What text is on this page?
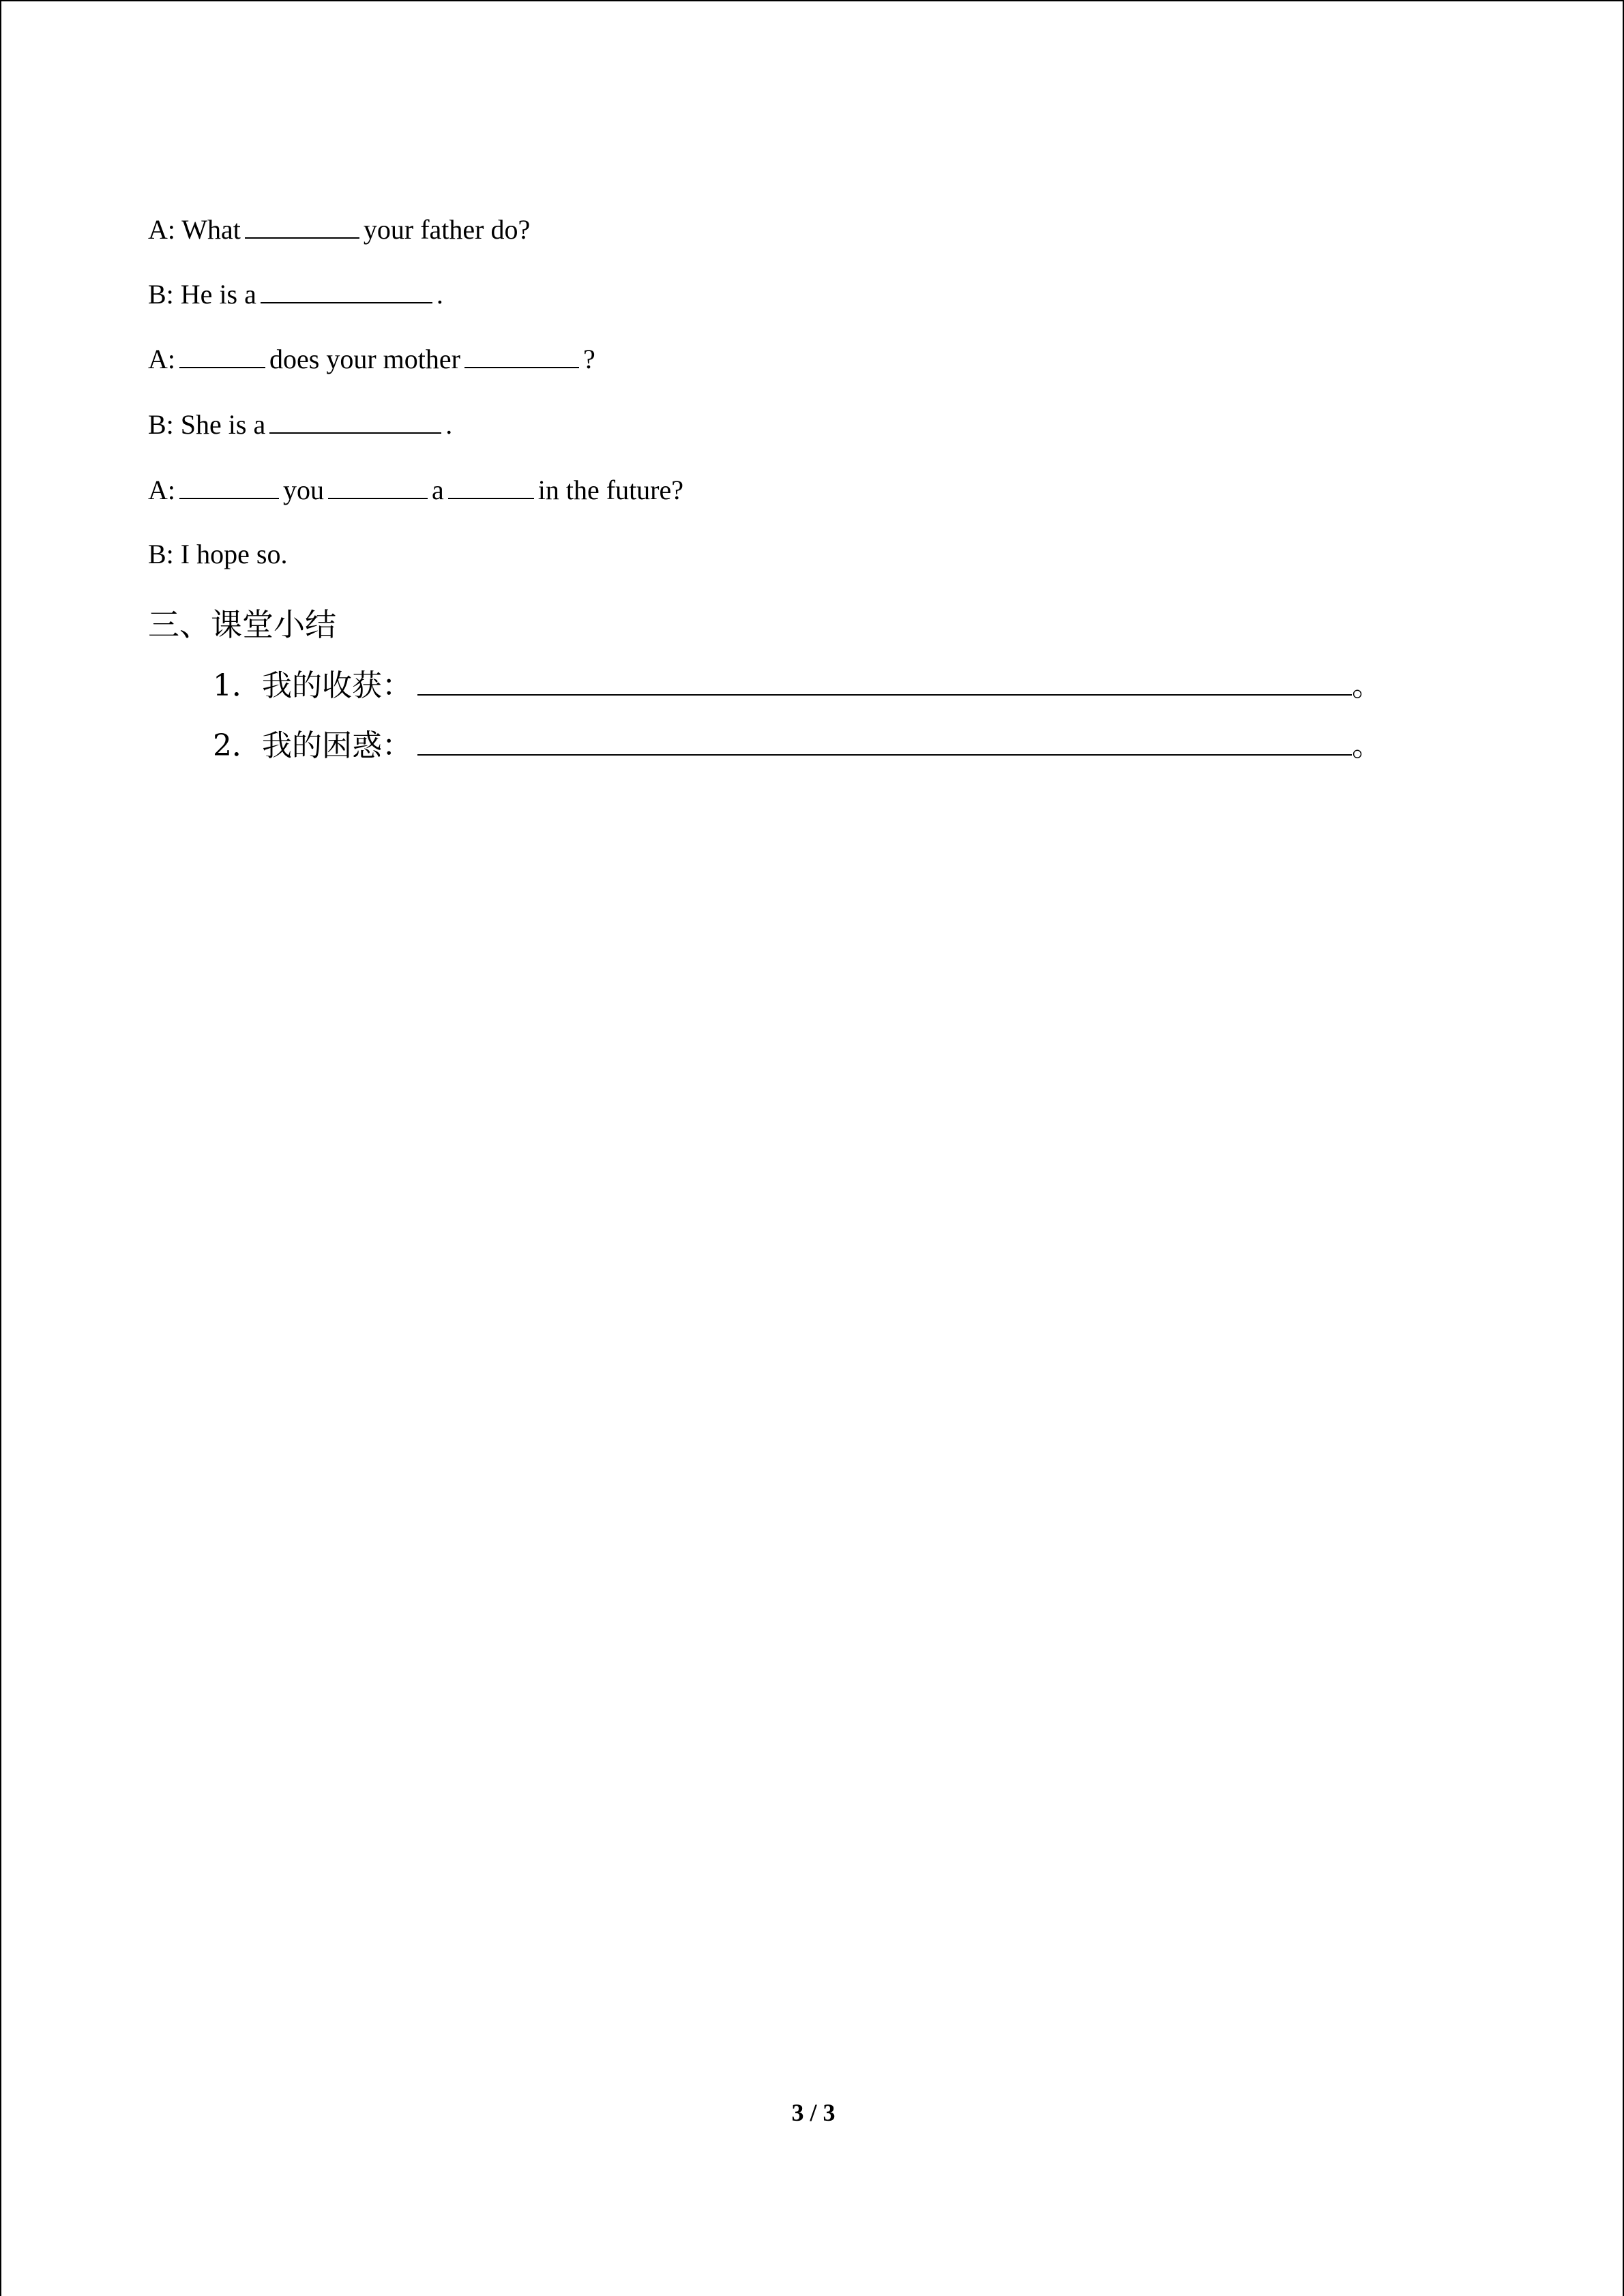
A: What	your father do?
B: He is a	.
A:	does your mother	?
B: She is a	.
A:	you	a	in the future?
B: I hope so.
三、课堂小结
1．我的收获：	。
2．我的困惑：	。
3 / 3
